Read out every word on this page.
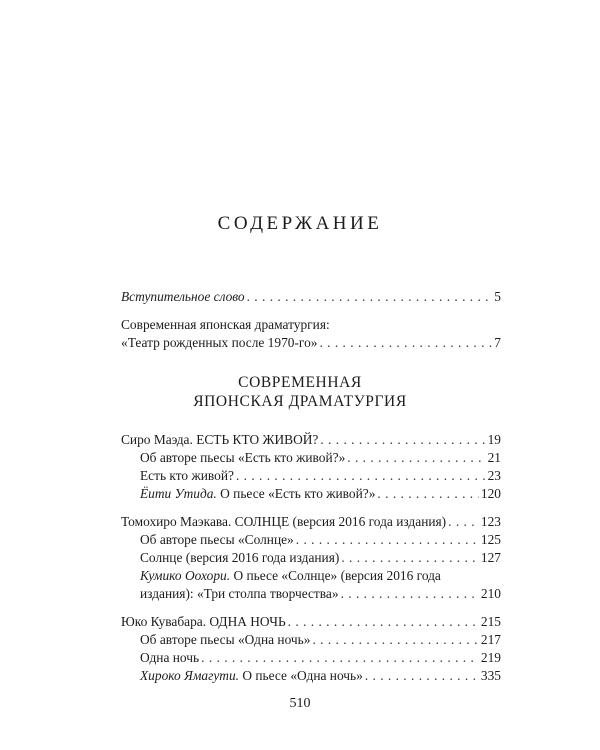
СОДЕРЖАНИЕ
Вступительное слово . . .	5
Современная японская драматургия:
«Театр рожденных после 1970-го» . . .	7
СОВРЕМЕННАЯ
ЯПОНСКАЯ ДРАМАТУРГИЯ
Сиро Маэда. ЕСТЬ КТО ЖИВОЙ? . . .	19
Об авторе пьесы «Есть кто живой?» . . .	21
Есть кто живой? . . .	23
Ёити Утида. О пьесе «Есть кто живой?» . . .	120
Томохиро Маэкава. СОЛНЦЕ (версия 2016 года издания) . . .	123
Об авторе пьесы «Солнце» . . .	125
Солнце (версия 2016 года издания) . . .	127
Кумико Оохори. О пьесе «Солнце» (версия 2016 года
издания): «Три столпа творчества» . . .	210
Юко Кувабара. ОДНА НОЧЬ . . .	215
Об авторе пьесы «Одна ночь» . . .	217
Одна ночь . . .	219
Хироко Ямагути. О пьесе «Одна ночь» . . .	335
510
